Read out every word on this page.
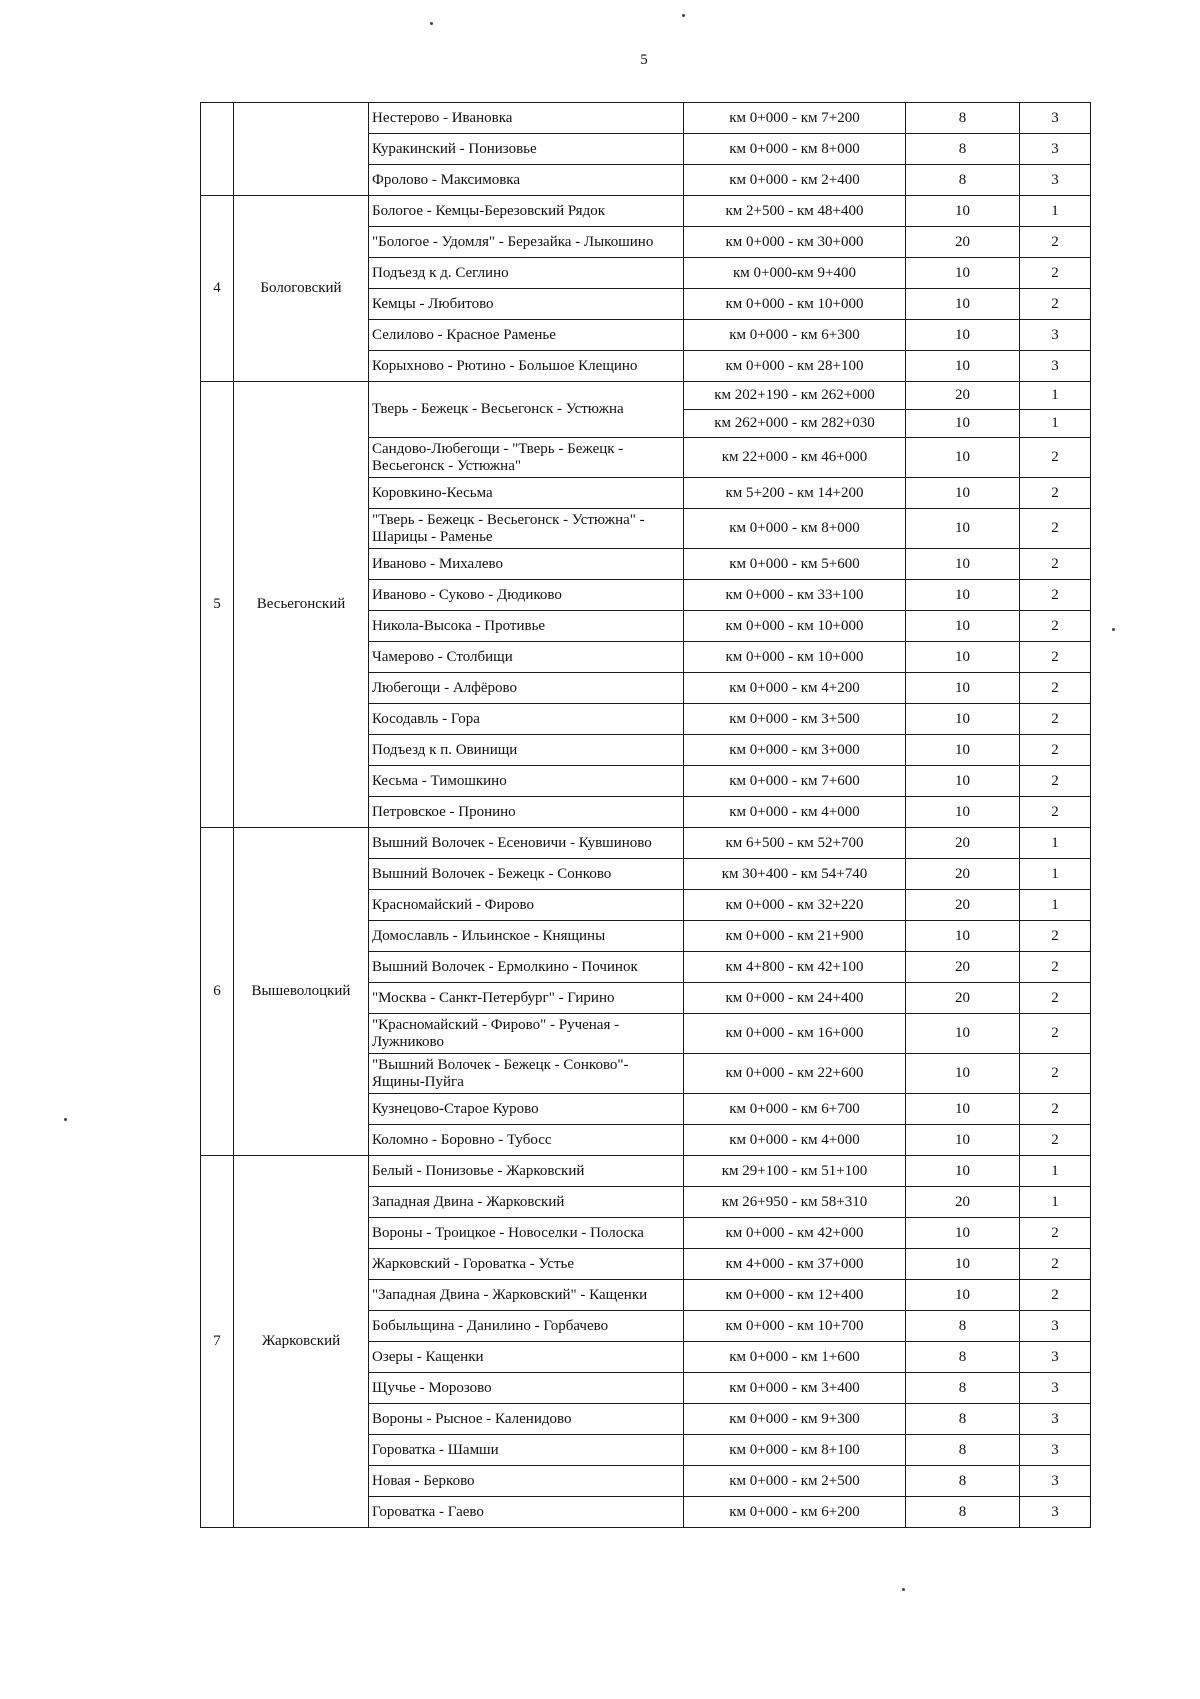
5
		Нестерово - Ивановка	км 0+000 - км 7+200	8	3
		Куракинский - Понизовье	км 0+000 - км 8+000	8	3
		Фролово - Максимовка	км 0+000 - км 2+400	8	3
4	Бологовский	Бологое - Кемцы-Березовский Рядок	км 2+500 - км 48+400	10	1
		"Бологое - Удомля" - Березайка - Лыкошино	км 0+000 - км 30+000	20	2
		Подъезд к д. Сеглино	км 0+000-км 9+400	10	2
		Кемцы - Любитово	км 0+000 - км 10+000	10	2
		Селилово - Красное Раменье	км 0+000 - км 6+300	10	3
		Корыхново - Рютино - Большое Клещино	км 0+000 - км 28+100	10	3
5	Весьегонский	Тверь - Бежецк - Весьегонск - Устюжна	км 202+190 - км 262+000	20	1
			км 262+000 - км 282+030	10	1
		Сандово-Любегощи - "Тверь - Бежецк - Весьегонск - Устюжна"	км 22+000 - км 46+000	10	2
		Коровкино-Кесьма	км 5+200 - км 14+200	10	2
		"Тверь - Бежецк - Весьегонск - Устюжна" - Шарицы - Раменье	км 0+000 - км 8+000	10	2
		Иваново - Михалево	км 0+000 - км 5+600	10	2
		Иваново - Суково - Дюдиково	км 0+000 - км 33+100	10	2
		Никола-Высока - Противье	км 0+000 - км 10+000	10	2
		Чамерово - Столбищи	км 0+000 - км 10+000	10	2
		Любегощи - Алфёрово	км 0+000 - км 4+200	10	2
		Косодавль - Гора	км 0+000 - км 3+500	10	2
		Подъезд к п. Овинищи	км 0+000 - км 3+000	10	2
		Кесьма - Тимошкино	км 0+000 - км 7+600	10	2
		Петровское - Пронино	км 0+000 - км 4+000	10	2
6	Вышеволоцкий	Вышний Волочек - Есеновичи - Кувшиново	км 6+500 - км 52+700	20	1
		Вышний Волочек - Бежецк - Сонково	км 30+400 - км 54+740	20	1
		Красномайский - Фирово	км 0+000 - км 32+220	20	1
		Домославль - Ильинское - Княщины	км 0+000 - км 21+900	10	2
		Вышний Волочек - Ермолкино - Починок	км 4+800 - км 42+100	20	2
		"Москва - Санкт-Петербург" - Гирино	км 0+000 - км 24+400	20	2
		"Красномайский - Фирово" - Рученая - Лужниково	км 0+000 - км 16+000	10	2
		"Вышний Волочек - Бежецк - Сонково"- Ящины-Пуйга	км 0+000 - км 22+600	10	2
		Кузнецово-Старое Курово	км 0+000 - км 6+700	10	2
		Коломно - Боровно - Тубосс	км 0+000 - км 4+000	10	2
7	Жарковский	Белый - Понизовье - Жарковский	км 29+100 - км 51+100	10	1
		Западная Двина - Жарковский	км 26+950 - км 58+310	20	1
		Вороны - Троицкое - Новоселки - Полоска	км 0+000 - км 42+000	10	2
		Жарковский - Гороватка - Устье	км 4+000 - км 37+000	10	2
		"Западная Двина - Жарковский" - Кащенки	км 0+000 - км 12+400	10	2
		Бобыльщина - Данилино - Горбачево	км 0+000 - км 10+700	8	3
		Озеры - Кащенки	км 0+000 - км 1+600	8	3
		Щучье - Морозово	км 0+000 - км 3+400	8	3
		Вороны - Рысное - Каленидово	км 0+000 - км 9+300	8	3
		Гороватка - Шамши	км 0+000 - км 8+100	8	3
		Новая - Берково	км 0+000 - км 2+500	8	3
		Гороватка - Гаево	км 0+000 - км 6+200	8	3
